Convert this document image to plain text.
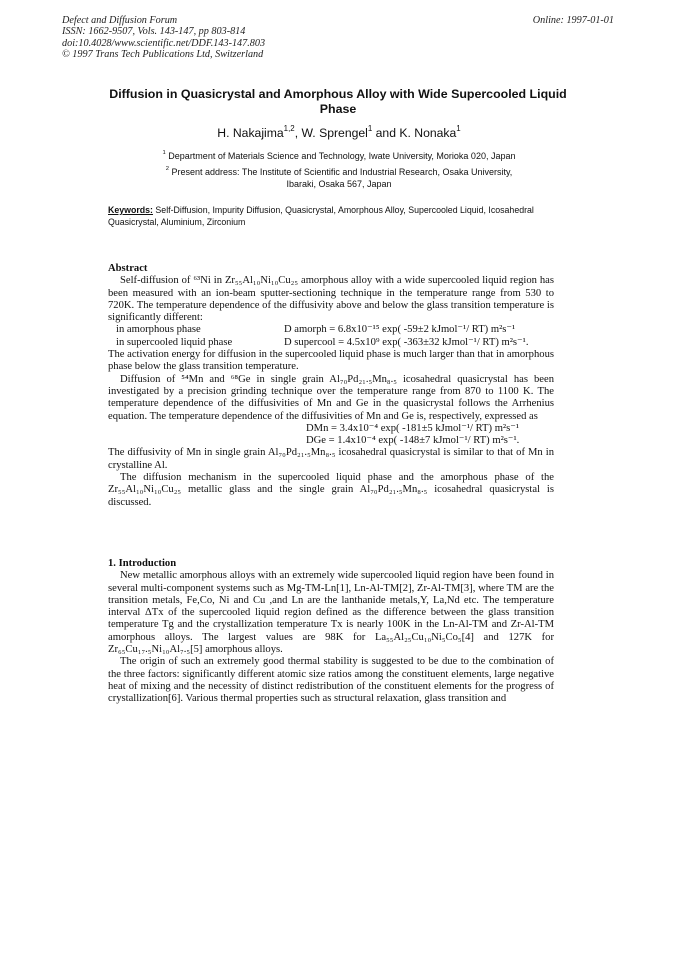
Defect and Diffusion Forum
ISSN: 1662-9507, Vols. 143-147, pp 803-814
doi:10.4028/www.scientific.net/DDF.143-147.803
© 1997 Trans Tech Publications Ltd, Switzerland
Online: 1997-01-01
Diffusion in Quasicrystal and Amorphous Alloy with Wide Supercooled Liquid Phase
H. Nakajima$^{1,2}$, W. Sprengel$^1$ and K. Nonaka$^1$
$^1$ Department of Materials Science and Technology, Iwate University, Morioka 020, Japan
$^2$ Present address: The Institute of Scientific and Industrial Research, Osaka University,
Ibaraki, Osaka 567, Japan
Keywords: Self-Diffusion, Impurity Diffusion, Quasicrystal, Amorphous Alloy, Supercooled Liquid, Icosahedral Quasicrystal, Aluminium, Zirconium
Abstract

Self-diffusion of ⁶³Ni in Zr₅₅Al₁₀Ni₁₀Cu₂₅ amorphous alloy with a wide supercooled liquid region has been measured with an ion-beam sputter-sectioning technique in the temperature range from 530 to 720K. The temperature dependence of the diffusivity above and below the glass transition temperature is significantly different:

in amorphous phase	D amorph = 6.8x10⁻¹⁵ exp( -59±2 kJmol⁻¹/ RT) m²s⁻¹
in supercooled liquid phase	D supercool = 4.5x10⁹ exp( -363±32 kJmol⁻¹/ RT) m²s⁻¹.

The activation energy for diffusion in the supercooled liquid phase is much larger than that in amorphous phase below the glass transition temperature.

Diffusion of ⁵⁴Mn and ⁶⁸Ge in single grain Al₇₀Pd₂₁.₅Mn₈.₅ icosahedral quasicrystal has been investigated by a precision grinding technique over the temperature range from 870 to 1100 K. The temperature dependence of the diffusivities of Mn and Ge in the quasicrystal follows the Arrhenius equation. The temperature dependence of the diffusivities of Mn and Ge is, respectively, expressed as

DMn = 3.4x10⁻⁴ exp( -181±5 kJmol⁻¹/ RT) m²s⁻¹
DGe = 1.4x10⁻⁴ exp( -148±7 kJmol⁻¹/ RT) m²s⁻¹.

The diffusivity of Mn in single grain Al₇₀Pd₂₁.₅Mn₈.₅ icosahedral quasicrystal is similar to that of Mn in crystalline Al.

The diffusion mechanism in the supercooled liquid phase and the amorphous phase of the Zr₅₅Al₁₀Ni₁₀Cu₂₅ metallic glass and the single grain Al₇₀Pd₂₁.₅Mn₈.₅ icosahedral quasicrystal is discussed.

1. Introduction

New metallic amorphous alloys with an extremely wide supercooled liquid region have been found in several multi-component systems such as Mg-TM-Ln[1], Ln-Al-TM[2], Zr-Al-TM[3], where TM are the transition metals, Fe,Co, Ni and Cu ,and Ln are the lanthanide metals,Y, La,Nd etc. The temperature interval ΔTx of the supercooled liquid region defined as the difference between the glass transition temperature Tg and the crystallization temperature Tx is nearly 100K in the Ln-Al-TM and Zr-Al-TM amorphous alloys. The largest values are 98K for La₅₅Al₂₅Cu₁₀Ni₅Co₅[4] and 127K for Zr₆₅Cu₁₇.₅Ni₁₀Al₇.₅[5] amorphous alloys.

The origin of such an extremely good thermal stability is suggested to be due to the combination of the three factors: significantly different atomic size ratios among the constituent elements, large negative heat of mixing and the necessity of distinct redistribution of the constituent elements for the progress of crystallization[6]. Various thermal properties such as structural relaxation, glass transition and
